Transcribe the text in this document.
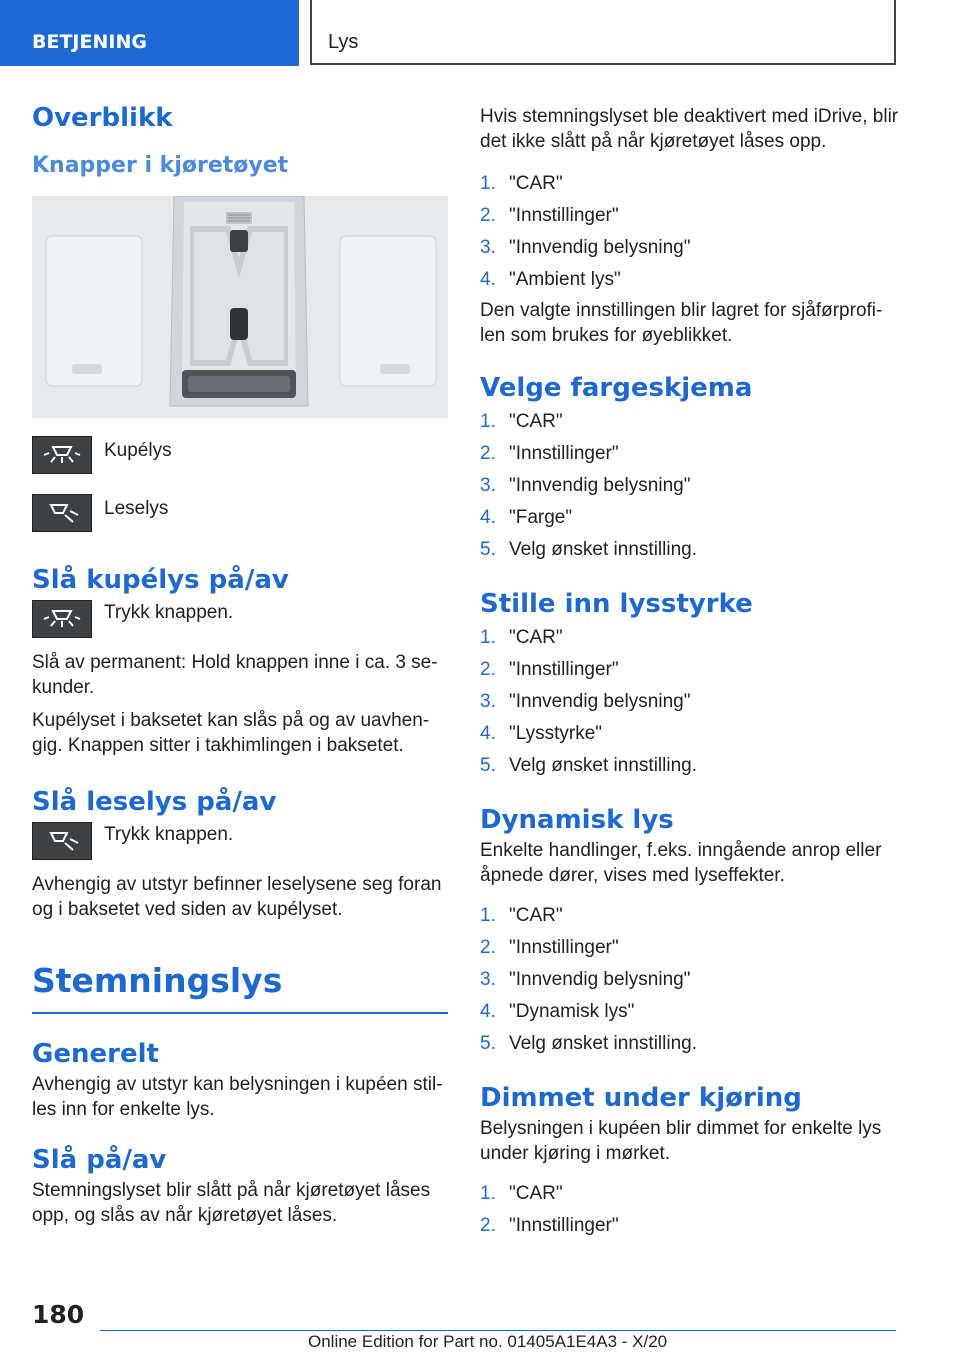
BETJENING	Lys
Overblikk
Knapper i kjøretøyet
Kupélys
Leselys
Slå kupélys på/av
Trykk knappen.

Slå av permanent: Hold knappen inne i ca. 3 sekunder.

Kupélyset i baksetet kan slås på og av uavhengig. Knappen sitter i takhimlingen i baksetet.

Slå leselys på/av
Trykk knappen.

Avhengig av utstyr befinner leselysene seg foran og i baksetet ved siden av kupélyset.

Stemningslys
Generelt

Avhengig av utstyr kan belysningen i kupéen stilles inn for enkelte lys.

Slå på/av

Stemningslyset blir slått på når kjøretøyet låses opp, og slås av når kjøretøyet låses.

Hvis stemningslyset ble deaktivert med iDrive, blir det ikke slått på når kjøretøyet låses opp.

1. "CAR"
2. "Innstillinger"
3. "Innvendig belysning"
4. "Ambient lys"

Den valgte innstillingen blir lagret for sjåførprofilen som brukes for øyeblikket.

Velge fargeskjema
1. "CAR"
2. "Innstillinger"
3. "Innvendig belysning"
4. "Farge"
5. Velg ønsket innstilling.
Stille inn lysstyrke
1. "CAR"
2. "Innstillinger"
3. "Innvendig belysning"
4. "Lysstyrke"
5. Velg ønsket innstilling.
Dynamisk lys

Enkelte handlinger, f.eks. inngående anrop eller åpnede dører, vises med lyseffekter.

1. "CAR"
2. "Innstillinger"
3. "Innvendig belysning"
4. "Dynamisk lys"
5. Velg ønsket innstilling.
Dimmet under kjøring

Belysningen i kupéen blir dimmet for enkelte lys under kjøring i mørket.

1. "CAR"
2. "Innstillinger"
180
Online Edition for Part no. 01405A1E4A3 - X/20
